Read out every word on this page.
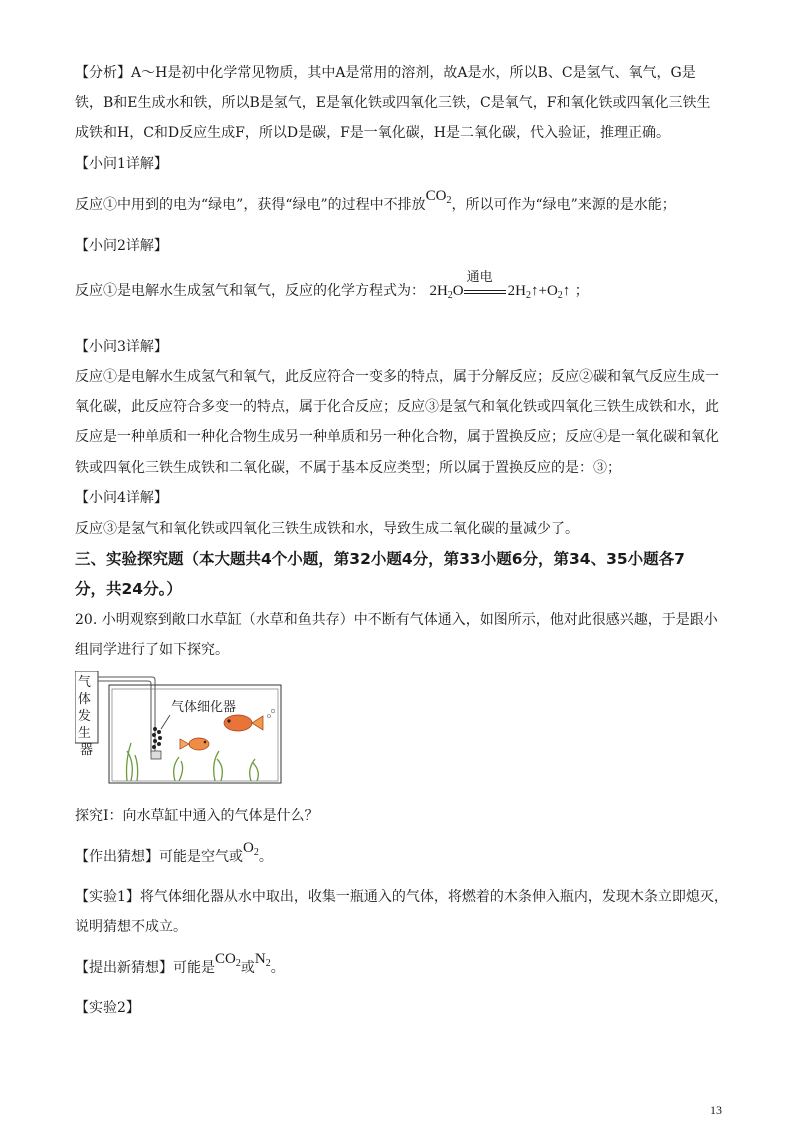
【分析】A～H是初中化学常见物质，其中A是常用的溶剂，故A是水，所以B、C是氢气、氧气，G是
铁，B和E生成水和铁，所以B是氢气，E是氧化铁或四氧化三铁，C是氧气，F和氧化铁或四氧化三铁生
成铁和H，C和D反应生成F，所以D是碳，F是一氧化碳，H是二氧化碳，代入验证，推理正确。
【小问1详解】
反应①中用到的电为“绿电”，获得“绿电”的过程中不排放$CO_2$，所以可作为“绿电”来源的是水能；
【小问2详解】
反应①是电解水生成氢气和氧气，反应的化学方程式为： $2H_2O$
通电
$2H_2↑+O_2↑$ ；
【小问3详解】
反应①是电解水生成氢气和氧气，此反应符合一变多的特点，属于分解反应；反应②碳和氧气反应生成一
氧化碳，此反应符合多变一的特点，属于化合反应；反应③是氢气和氧化铁或四氧化三铁生成铁和水，此
反应是一种单质和一种化合物生成另一种单质和另一种化合物，属于置换反应；反应④是一氧化碳和氧化
铁或四氧化三铁生成铁和二氧化碳，不属于基本反应类型；所以属于置换反应的是：③；
【小问4详解】
反应③是氢气和氧化铁或四氧化三铁生成铁和水，导致生成二氧化碳的量减少了。
三、实验探究题（本大题共4个小题，第32小题4分，第33小题6分，第34、35小题各7
分，共24分。）
20. 小明观察到敞口水草缸（水草和鱼共存）中不断有气体通入，如图所示，他对此很感兴趣，于是跟小
组同学进行了如下探究。
气 体 发 生 器
气体细化器
探究I：向水草缸中通入的气体是什么？
【作出猜想】可能是空气或$O_2$。
【实验1】将气体细化器从水中取出，收集一瓶通入的气体，将燃着的木条伸入瓶内，发现木条立即熄灭，
说明猜想不成立。
【提出新猜想】可能是$CO_2$或$N_2$。
【实验2】
13
